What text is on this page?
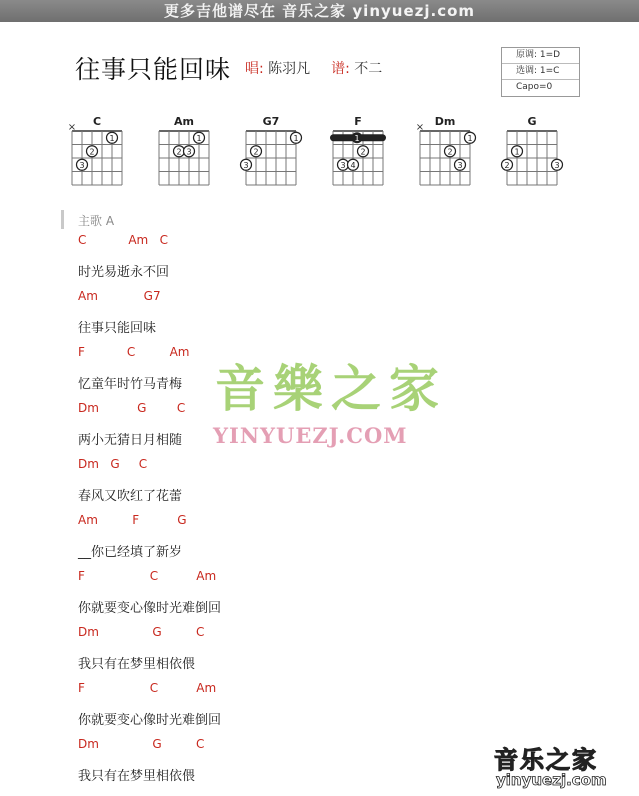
更多吉他谱尽在 音乐之家 yinyuezj.com
往事只能回味 唱: 陈羽凡 谱: 不二
原调: 1=D
选调: 1=C
Capo=0
C
×
1
2
3
Am
1
2 3
G7
1
2
3
F
1
2
3 4
Dm
×
1
2
3
G
1
2	3
主歌 A
C           Am   C
时光易逝永不回
Am            G7
往事只能回味
F           C         Am
忆童年时竹马青梅
Dm          G        C
两小无猜日月相随
Dm   G     C
春风又吹红了花蕾
Am         F          G
__你已经填了新岁
F                 C          Am
你就要变心像时光难倒回
Dm              G         C
我只有在梦里相依偎
F                 C          Am
你就要变心像时光难倒回
Dm              G         C
我只有在梦里相依偎
音樂之家
YINYUEZJ.COM
音乐之家
yinyuezj.com
